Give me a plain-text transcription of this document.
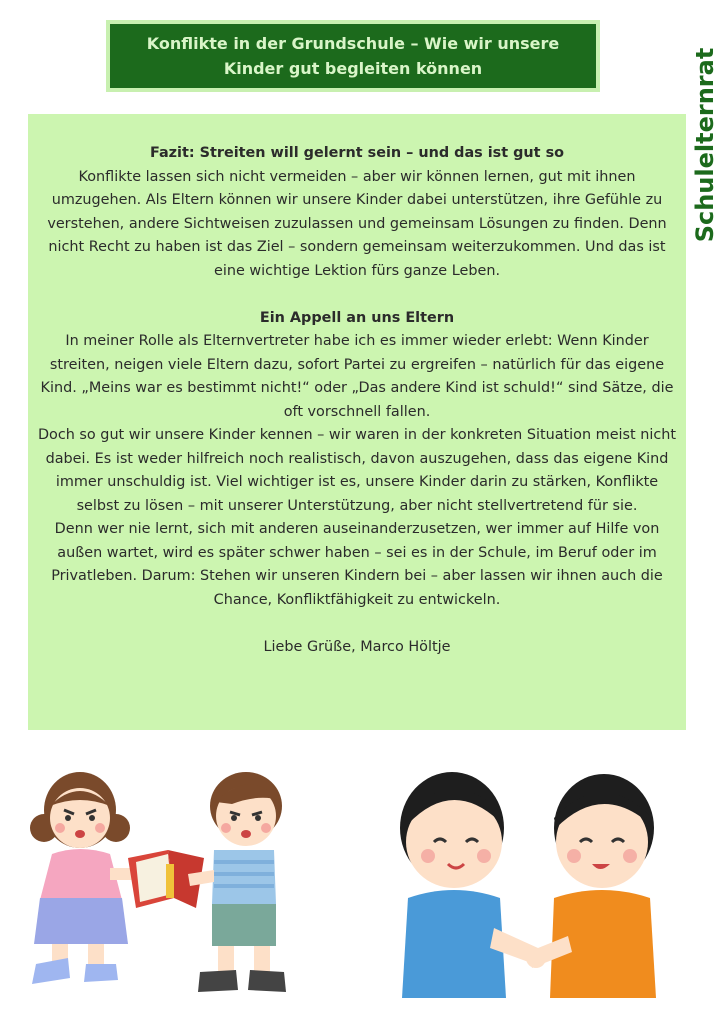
Konflikte in der Grundschule – Wie wir unsere Kinder gut begleiten können	Schulelternrat

Fazit: Streiten will gelernt sein – und das ist gut so

Konflikte lassen sich nicht vermeiden – aber wir können lernen, gut mit ihnen umzugehen. Als Eltern können wir unsere Kinder dabei unterstützen, ihre Gefühle zu verstehen, andere Sichtweisen zuzulassen und gemeinsam Lösungen zu finden. Denn nicht Recht zu haben ist das Ziel – sondern gemeinsam weiterzukommen. Und das ist eine wichtige Lektion fürs ganze Leben.

Ein Appell an uns Eltern

In meiner Rolle als Elternvertreter habe ich es immer wieder erlebt: Wenn Kinder streiten, neigen viele Eltern dazu, sofort Partei zu ergreifen – natürlich für das eigene Kind. „Meins war es bestimmt nicht!“ oder „Das andere Kind ist schuld!“ sind Sätze, die oft vorschnell fallen.

Doch so gut wir unsere Kinder kennen – wir waren in der konkreten Situation meist nicht dabei. Es ist weder hilfreich noch realistisch, davon auszugehen, dass das eigene Kind immer unschuldig ist. Viel wichtiger ist es, unsere Kinder darin zu stärken, Konflikte selbst zu lösen – mit unserer Unterstützung, aber nicht stellvertretend für sie.

Denn wer nie lernt, sich mit anderen auseinanderzusetzen, wer immer auf Hilfe von außen wartet, wird es später schwer haben – sei es in der Schule, im Beruf oder im Privatleben. Darum: Stehen wir unseren Kindern bei – aber lassen wir ihnen auch die Chance, Konfliktfähigkeit zu entwickeln.

Liebe Grüße, Marco Höltje
